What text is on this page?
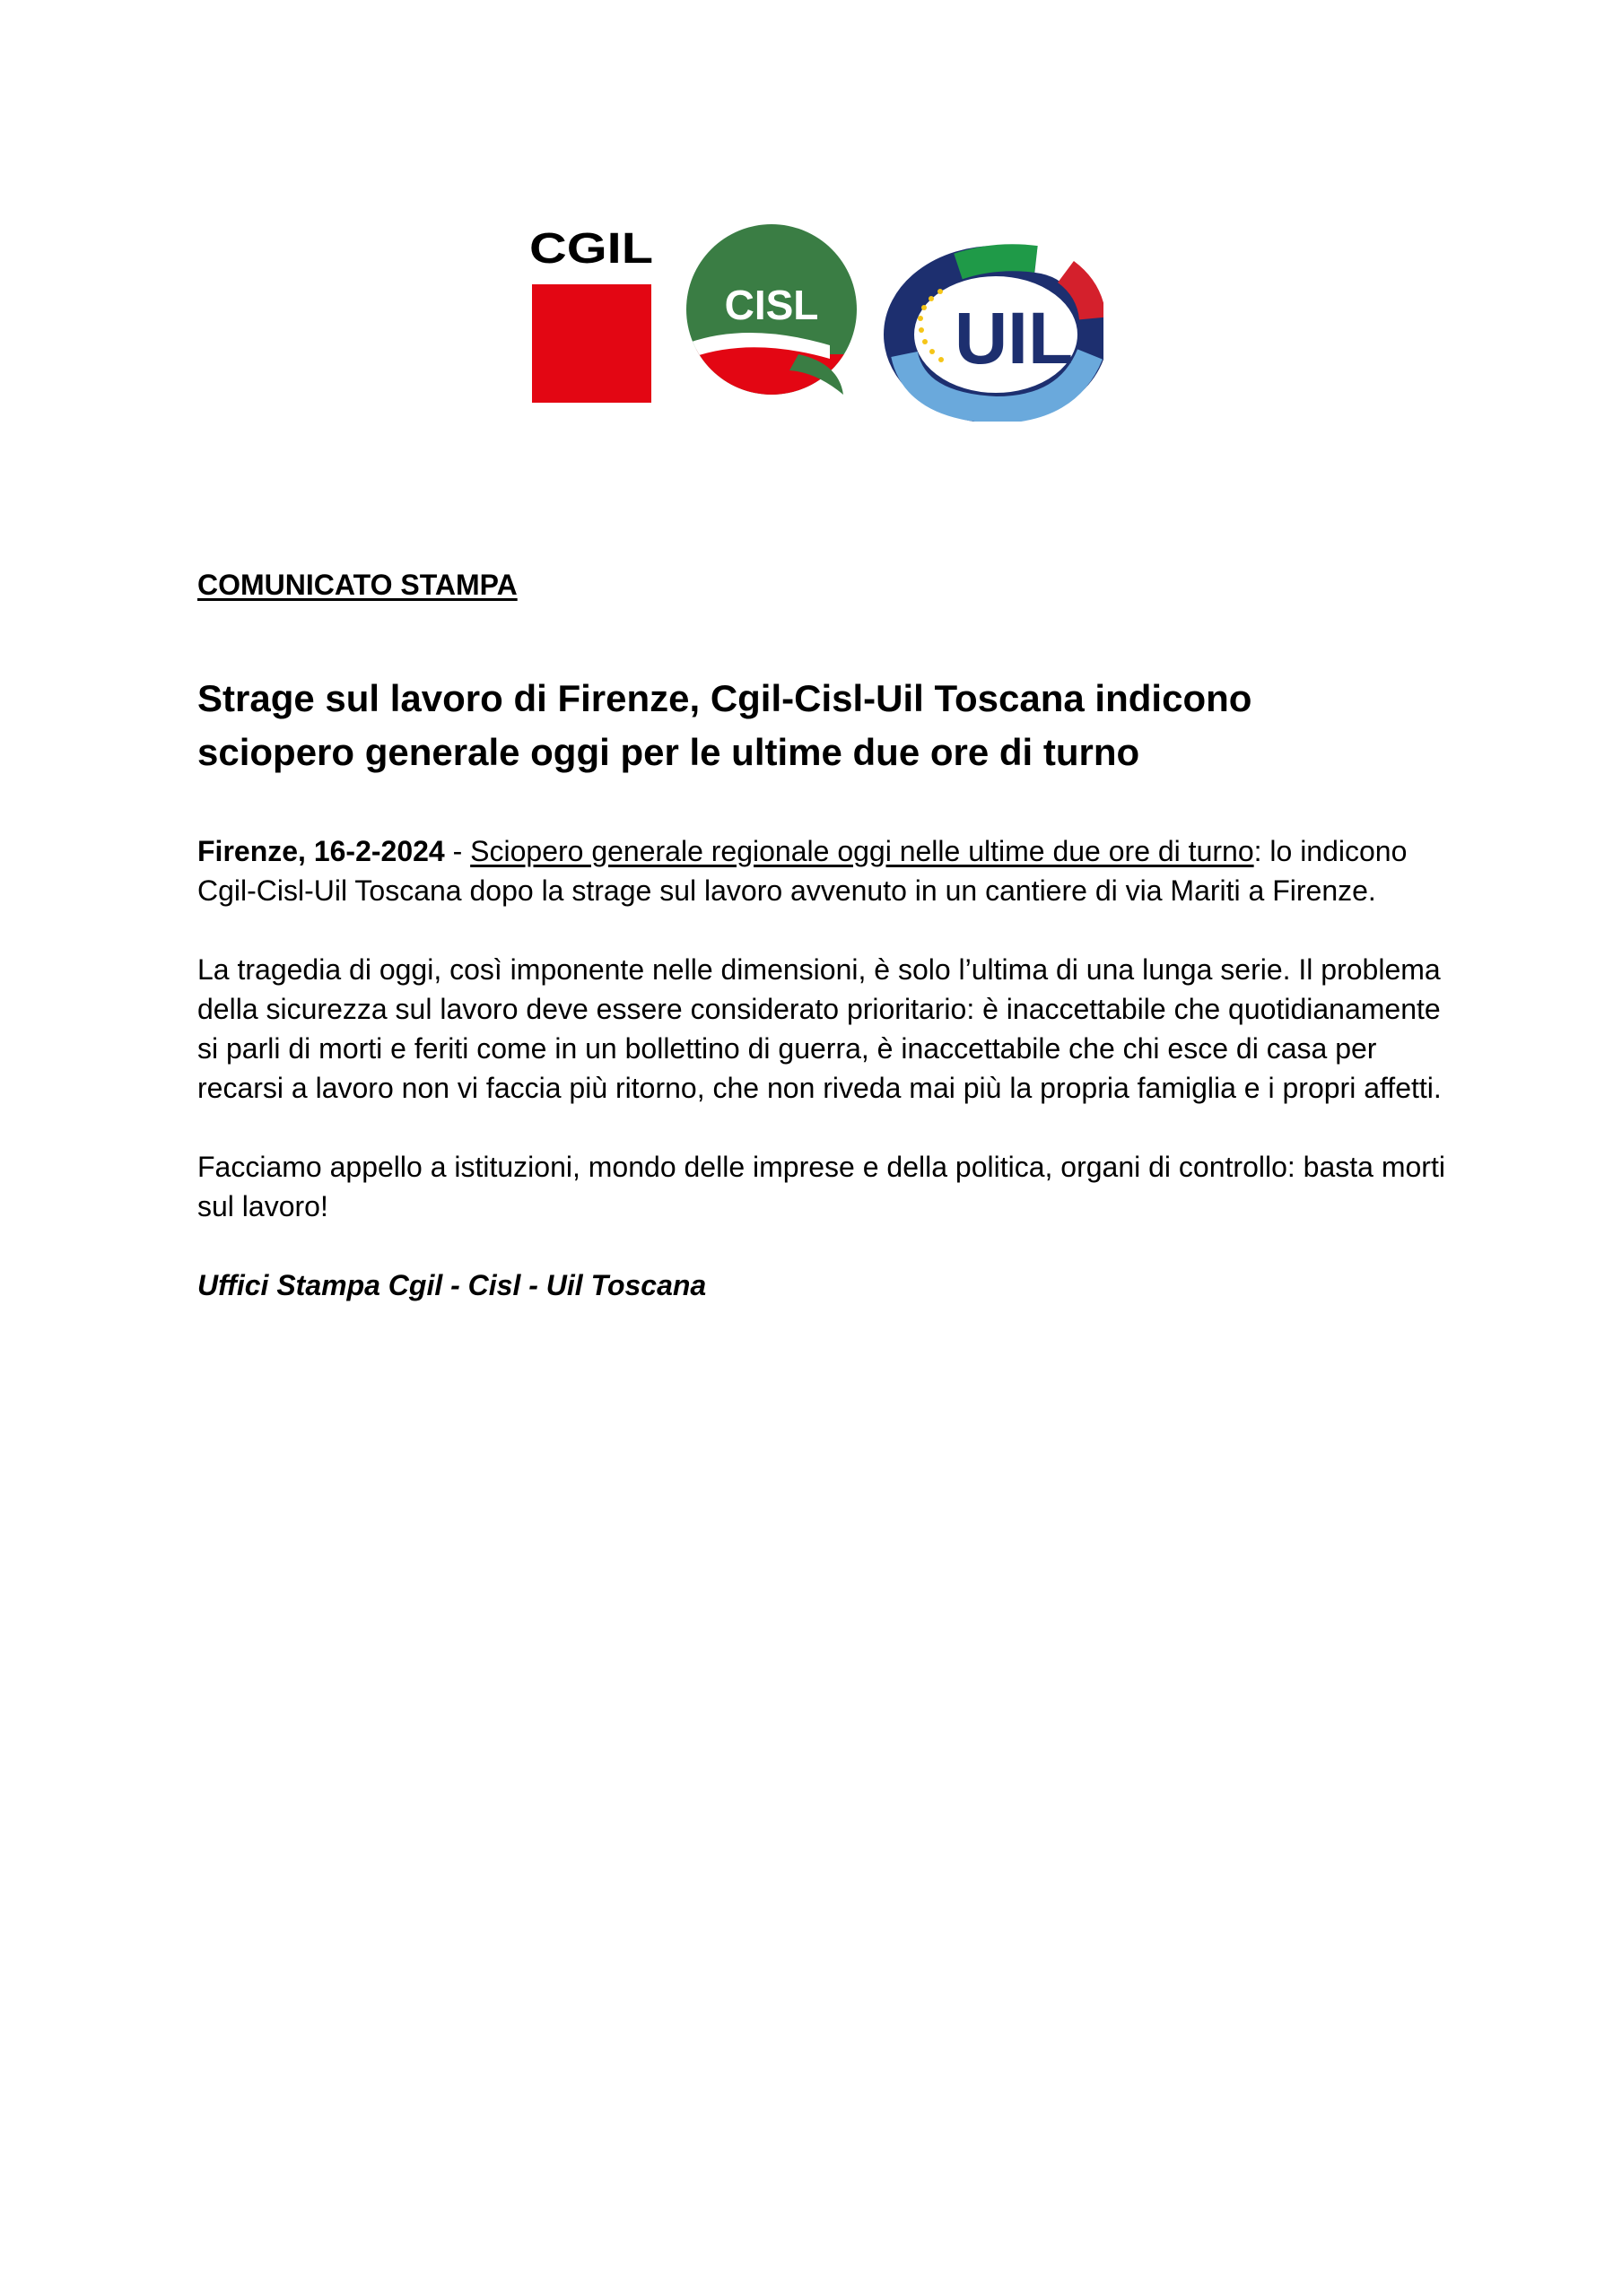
CGIL
CISL UIL

COMUNICATO STAMPA

Strage sul lavoro di Firenze, Cgil-Cisl-Uil Toscana indicono sciopero generale oggi per le ultime due ore di turno

Firenze, 16-2-2024 - Sciopero generale regionale oggi nelle ultime due ore di turno: lo indicono Cgil-Cisl-Uil Toscana dopo la strage sul lavoro avvenuto in un cantiere di via Mariti a Firenze.

La tragedia di oggi, così imponente nelle dimensioni, è solo l’ultima di una lunga serie. Il problema della sicurezza sul lavoro deve essere considerato prioritario: è inaccettabile che quotidianamente si parli di morti e feriti come in un bollettino di guerra, è inaccettabile che chi esce di casa per recarsi a lavoro non vi faccia più ritorno, che non riveda mai più la propria famiglia e i propri affetti.

Facciamo appello a istituzioni, mondo delle imprese e della politica, organi di controllo: basta morti sul lavoro!

Uffici Stampa Cgil - Cisl - Uil Toscana
